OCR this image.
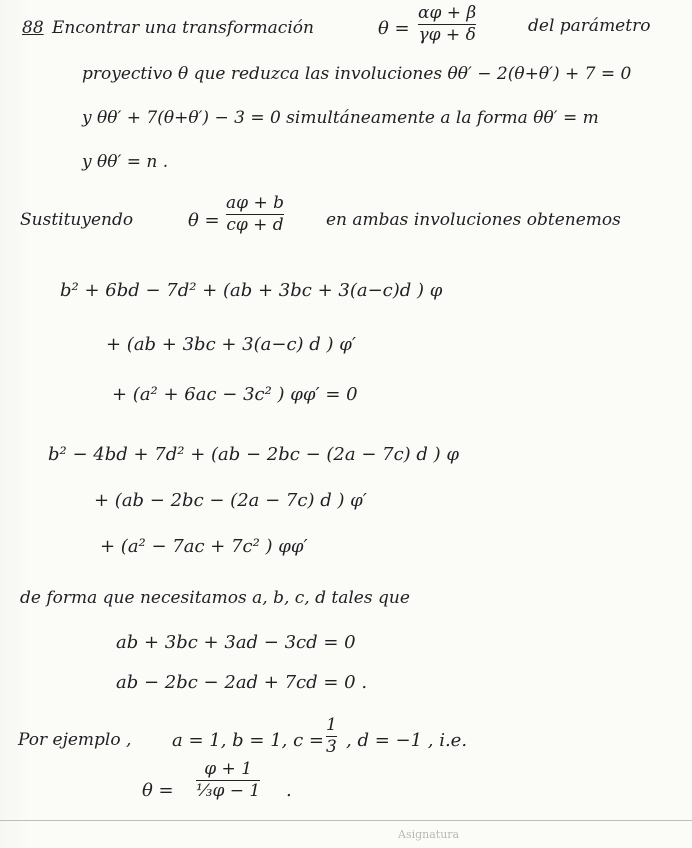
88 Encontrar una transformación	θ =
αφ + β
γφ + δ	del parámetro
proyectivo θ que reduzca las involuciones θθ′ − 2(θ+θ′) + 7 = 0
y θθ′ + 7(θ+θ′) − 3 = 0 simultáneamente a la forma θθ′ = m
y θθ′ = n .
Sustituyendo	θ =
aφ + b
cφ + d en ambas involuciones obtenemos
b² + 6bd − 7d² + (ab + 3bc + 3(a−c)d ) φ
+ (ab + 3bc + 3(a−c) d ) φ′
+ (a² + 6ac − 3c² ) φφ′ = 0
b² − 4bd + 7d² + (ab − 2bc − (2a − 7c) d ) φ
+ (ab − 2bc − (2a − 7c) d ) φ′
+ (a² − 7ac + 7c² ) φφ′
de forma que necesitamos a, b, c, d tales que
ab + 3bc + 3ad − 3cd = 0
ab − 2bc − 2ad + 7cd = 0 .
Por ejemplo , a = 1, b = 1, c =
1
3 , d = −1 , i.e.
θ =
φ + 1
⅓φ − 1 .
Asignatura
